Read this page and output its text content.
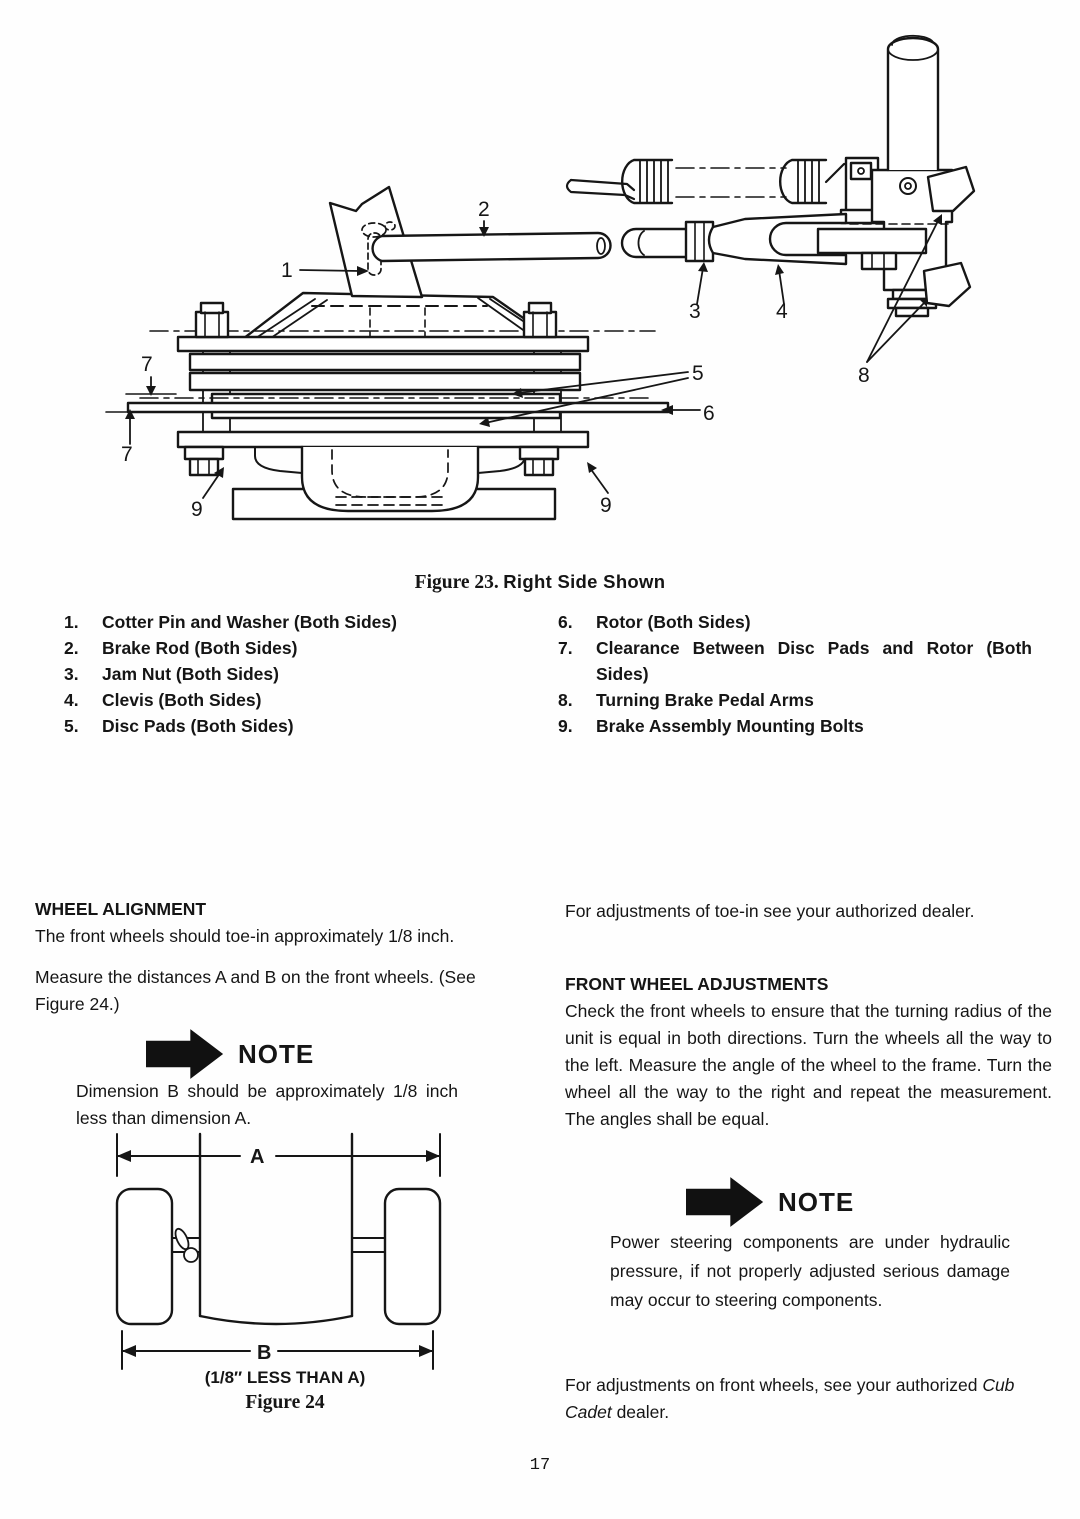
1
2
3	4
5
6
7
7
8
9	9
Figure 23. Right Side Shown
1.	Cotter Pin and Washer (Both Sides)
2.	Brake Rod (Both Sides)
3.	Jam Nut (Both Sides)
4.	Clevis (Both Sides)
5.	Disc Pads (Both Sides)
6.	Rotor (Both Sides)
7.	Clearance Between Disc Pads and Rotor (Both Sides)
8.	Turning Brake Pedal Arms
9.	Brake Assembly Mounting Bolts
WHEEL ALIGNMENT
The front wheels should toe-in approximately 1/8 inch.
Measure the distances A and B on the front wheels. (See Figure 24.)
NOTE
Dimension B should be approximately 1/8 inch less than dimension A.
A
B
(1/8″ LESS THAN A)
Figure 24
For adjustments of toe-in see your authorized dealer.
FRONT WHEEL ADJUSTMENTS
Check the front wheels to ensure that the turning radius of the unit is equal in both directions. Turn the wheels all the way to the left. Measure the angle of the wheel to the frame. Turn the wheel all the way to the right and repeat the measurement. The angles shall be equal.
NOTE
Power steering components are under hydraulic pressure, if not properly adjusted serious damage may occur to steering components.
For adjustments on front wheels, see your authorized Cub Cadet dealer.
17
